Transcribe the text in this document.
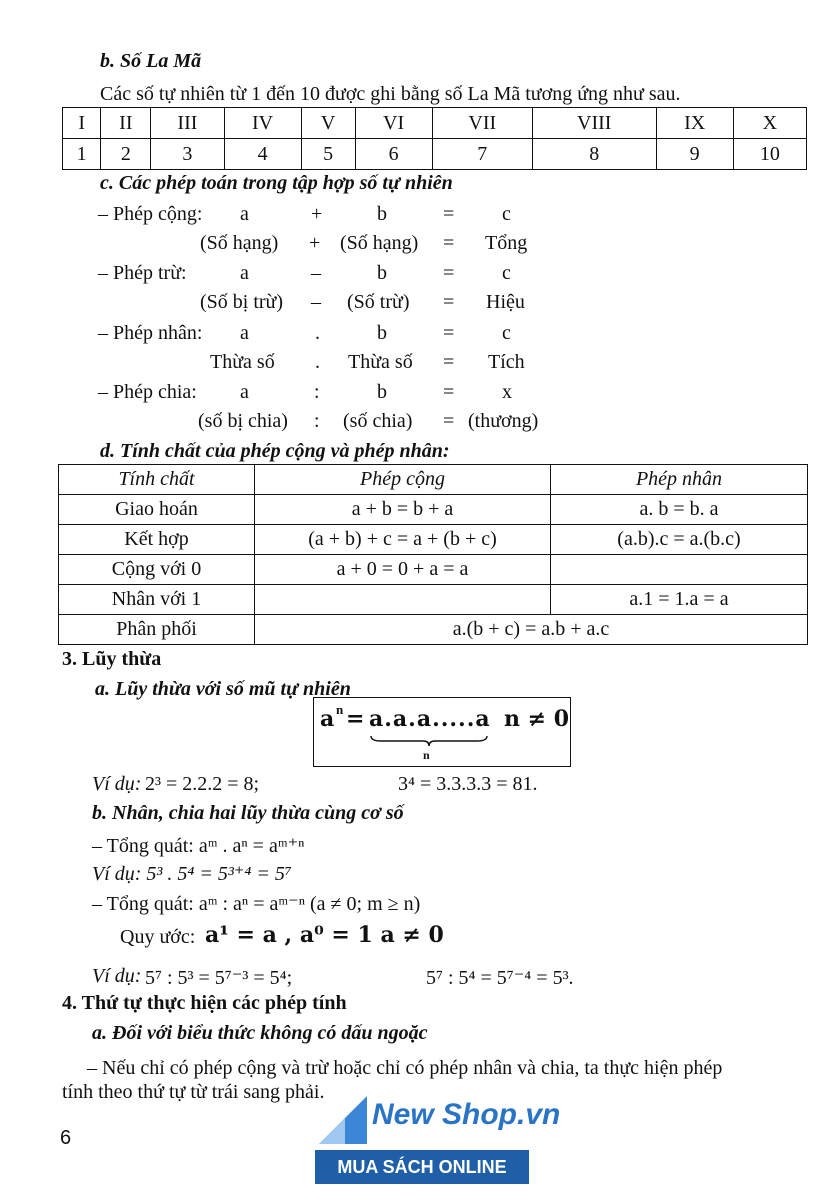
b. Số La Mã
Các số tự nhiên từ 1 đến 10 được ghi bằng số La Mã tương ứng như sau.
I	II	III	IV	V	VI	VII	VIII	IX	X
1	2	3	4	5	6	7	8	9	10
c. Các phép toán trong tập hợp số tự nhiên
– Phép cộng: a	+	b	= c
(Số hạng) + (Số hạng) = Tổng
– Phép trừ:	a	–	b	= c
(Số bị trừ) – (Số trừ) = Hiệu
– Phép nhân: a	.	b	= c
Thừa số . Thừa số = Tích
– Phép chia: a	:	b	= x
(số bị chia) : (số chia) = (thương)
d. Tính chất của phép cộng và phép nhân:
Tính chất	Phép cộng	Phép nhân
Giao hoán	a + b = b + a	a. b = b. a
Kết hợp	(a + b) + c = a + (b + c)	(a.b).c = a.(b.c)
Cộng với 0	a + 0 = 0 + a = a	
Nhân với 1		a.1 = 1.a = a
Phân phối	a.(b + c) = a.b + a.c	
3. Lũy thừa
a. Lũy thừa với số mũ tự nhiên
a n = a.a.a.....a
n
n ≠ 0
Ví dụ: 2³ = 2.2.2 = 8;	3⁴ = 3.3.3.3 = 81.
b. Nhân, chia hai lũy thừa cùng cơ số
– Tổng quát: aᵐ . aⁿ = aᵐ⁺ⁿ
Ví dụ: 5³ . 5⁴ = 5³⁺⁴ = 5⁷
– Tổng quát: aᵐ : aⁿ = aᵐ⁻ⁿ (a ≠ 0; m ≥ n)
Quy ước: a¹ = a , a⁰ = 1 a ≠ 0
Ví dụ: 5⁷ : 5³ = 5⁷⁻³ = 5⁴;	5⁷ : 5⁴ = 5⁷⁻⁴ = 5³.
4. Thứ tự thực hiện các phép tính
a. Đối với biểu thức không có dấu ngoặc
– Nếu chỉ có phép cộng và trừ hoặc chỉ có phép nhân và chia, ta thực hiện phép
tính theo thứ tự từ trái sang phải.
6
New Shop.vn
MUA SÁCH ONLINE
